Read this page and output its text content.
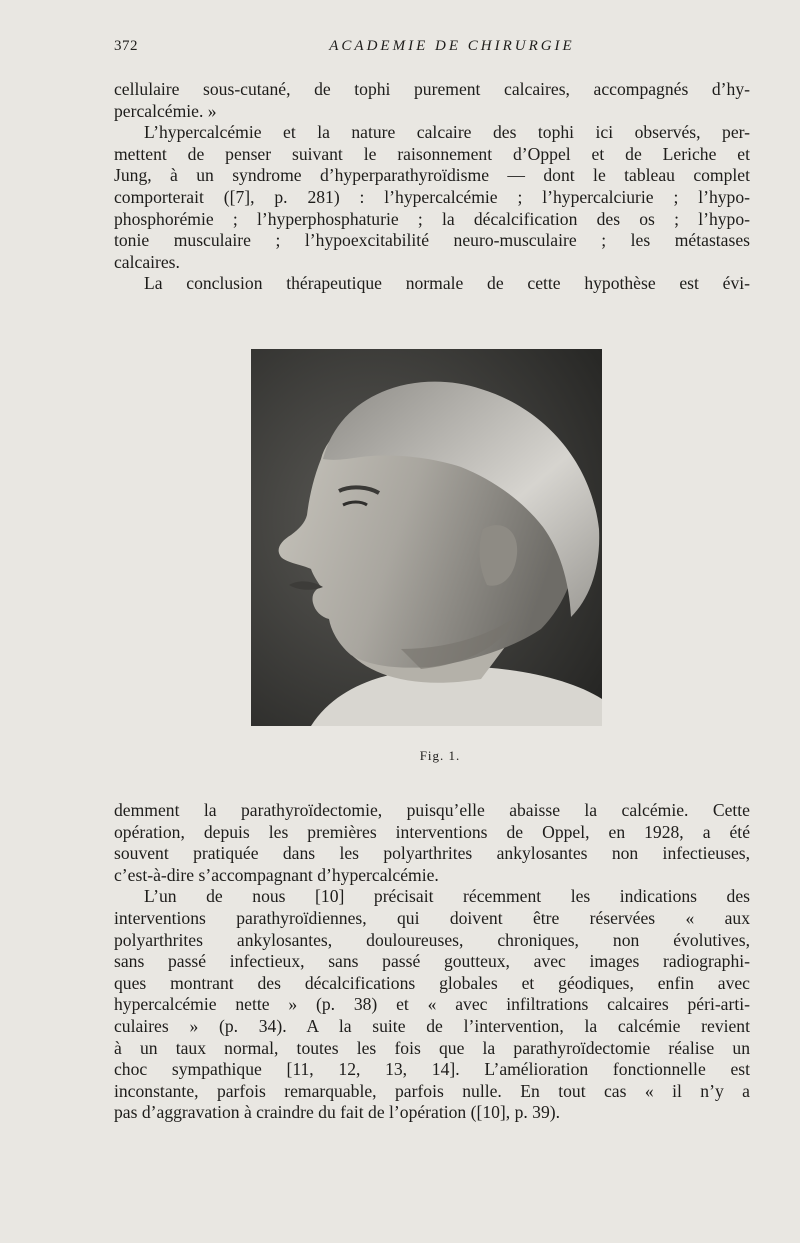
372	ACADEMIE DE CHIRURGIE
cellulaire sous-cutané, de tophi purement calcaires, accompagnés d’hy-
percalcémie. »
L’hypercalcémie et la nature calcaire des tophi ici observés, per-
mettent de penser suivant le raisonnement d’Oppel et de Leriche et
Jung, à un syndrome d’hyperparathyroïdisme — dont le tableau complet
comporterait ([7], p. 281) : l’hypercalcémie ; l’hypercalciurie ; l’hypo-
phosphorémie ; l’hyperphosphaturie ; la décalcification des os ; l’hypo-
tonie musculaire ; l’hypoexcitabilité neuro-musculaire ; les métastases
calcaires.
La conclusion thérapeutique normale de cette hypothèse est évi-
Fig. 1.
demment la parathyroïdectomie, puisqu’elle abaisse la calcémie. Cette
opération, depuis les premières interventions de Oppel, en 1928, a été
souvent pratiquée dans les polyarthrites ankylosantes non infectieuses,
c’est-à-dire s’accompagnant d’hypercalcémie.
L’un de nous [10] précisait récemment les indications des
interventions parathyroïdiennes, qui doivent être réservées « aux
polyarthrites ankylosantes, douloureuses, chroniques, non évolutives,
sans passé infectieux, sans passé goutteux, avec images radiographi-
ques montrant des décalcifications globales et géodiques, enfin avec
hypercalcémie nette » (p. 38) et « avec infiltrations calcaires péri-arti-
culaires » (p. 34). A la suite de l’intervention, la calcémie revient
à un taux normal, toutes les fois que la parathyroïdectomie réalise un
choc sympathique [11, 12, 13, 14]. L’amélioration fonctionnelle est
inconstante, parfois remarquable, parfois nulle. En tout cas « il n’y a
pas d’aggravation à craindre du fait de l’opération ([10], p. 39).
